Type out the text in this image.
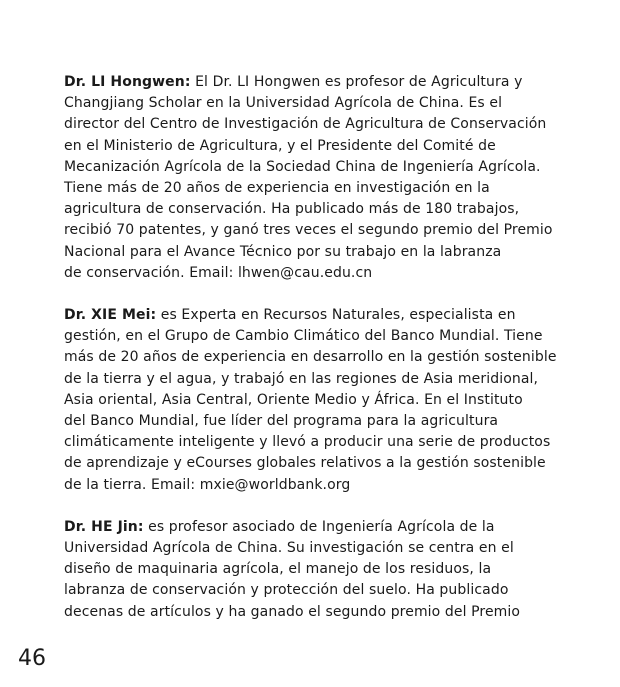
Dr. LI Hongwen: El Dr. LI Hongwen es profesor de Agricultura y
Changjiang Scholar en la Universidad Agrícola de China. Es el
director del Centro de Investigación de Agricultura de Conservación
en el Ministerio de Agricultura, y el Presidente del Comité de
Mecanización Agrícola de la Sociedad China de Ingeniería Agrícola.
Tiene más de 20 años de experiencia en investigación en la
agricultura de conservación. Ha publicado más de 180 trabajos,
recibió 70 patentes, y ganó tres veces el segundo premio del Premio
Nacional para el Avance Técnico por su trabajo en la labranza
de conservación. Email: lhwen@cau.edu.cn

Dr. XIE Mei: es Experta en Recursos Naturales, especialista en
gestión, en el Grupo de Cambio Climático del Banco Mundial. Tiene
más de 20 años de experiencia en desarrollo en la gestión sostenible
de la tierra y el agua, y trabajó en las regiones de Asia meridional,
Asia oriental, Asia Central, Oriente Medio y África. En el Instituto
del Banco Mundial, fue líder del programa para la agricultura
climáticamente inteligente y llevó a producir una serie de productos
de aprendizaje y eCourses globales relativos a la gestión sostenible
de la tierra. Email: mxie@worldbank.org

Dr. HE Jin: es profesor asociado de Ingeniería Agrícola de la
Universidad Agrícola de China. Su investigación se centra en el
diseño de maquinaria agrícola, el manejo de los residuos, la
labranza de conservación y protección del suelo. Ha publicado
decenas de artículos y ha ganado el segundo premio del Premio

46
